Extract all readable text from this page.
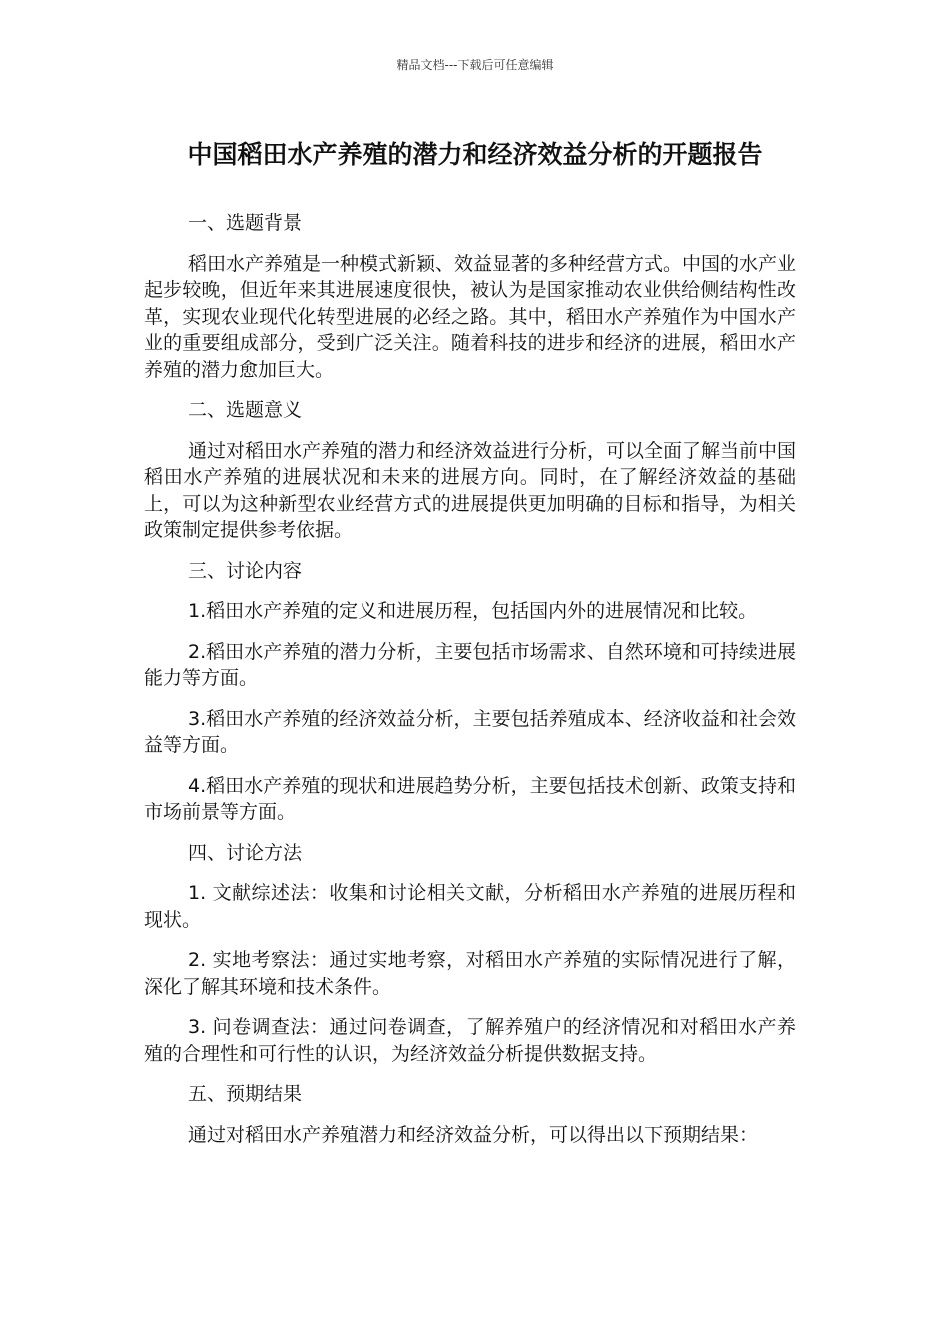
精品文档---下载后可任意编辑
中国稻田水产养殖的潜力和经济效益分析的开题报告
一、选题背景
稻田水产养殖是一种模式新颖、效益显著的多种经营方式。中国的水产业起步较晚，但近年来其进展速度很快，被认为是国家推动农业供给侧结构性改革，实现农业现代化转型进展的必经之路。其中，稻田水产养殖作为中国水产业的重要组成部分，受到广泛关注。随着科技的进步和经济的进展，稻田水产养殖的潜力愈加巨大。
二、选题意义
通过对稻田水产养殖的潜力和经济效益进行分析，可以全面了解当前中国稻田水产养殖的进展状况和未来的进展方向。同时，在了解经济效益的基础上，可以为这种新型农业经营方式的进展提供更加明确的目标和指导，为相关政策制定提供参考依据。
三、讨论内容
1.稻田水产养殖的定义和进展历程，包括国内外的进展情况和比较。
2.稻田水产养殖的潜力分析，主要包括市场需求、自然环境和可持续进展能力等方面。
3.稻田水产养殖的经济效益分析，主要包括养殖成本、经济收益和社会效益等方面。
4.稻田水产养殖的现状和进展趋势分析，主要包括技术创新、政策支持和市场前景等方面。
四、讨论方法
1. 文献综述法：收集和讨论相关文献，分析稻田水产养殖的进展历程和现状。
2. 实地考察法：通过实地考察，对稻田水产养殖的实际情况进行了解，深化了解其环境和技术条件。
3. 问卷调查法：通过问卷调查，了解养殖户的经济情况和对稻田水产养殖的合理性和可行性的认识，为经济效益分析提供数据支持。
五、预期结果
通过对稻田水产养殖潜力和经济效益分析，可以得出以下预期结果：
